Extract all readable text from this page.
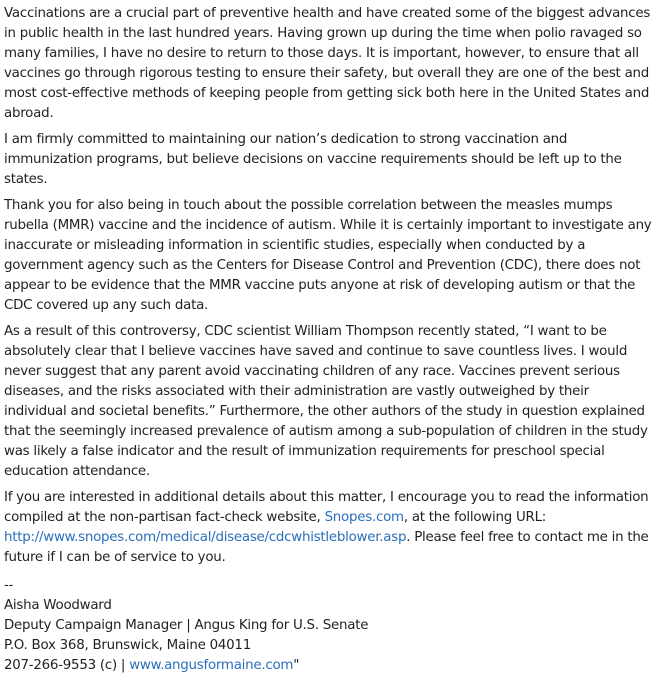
Vaccinations are a crucial part of preventive health and have created some of the biggest advances in public health in the last hundred years. Having grown up during the time when polio ravaged so many families, I have no desire to return to those days. It is important, however, to ensure that all vaccines go through rigorous testing to ensure their safety, but overall they are one of the best and most cost-effective methods of keeping people from getting sick both here in the United States and abroad.

I am firmly committed to maintaining our nation’s dedication to strong vaccination and immunization programs, but believe decisions on vaccine requirements should be left up to the states.

Thank you for also being in touch about the possible correlation between the measles mumps rubella (MMR) vaccine and the incidence of autism. While it is certainly important to investigate any inaccurate or misleading information in scientific studies, especially when conducted by a government agency such as the Centers for Disease Control and Prevention (CDC), there does not appear to be evidence that the MMR vaccine puts anyone at risk of developing autism or that the CDC covered up any such data.

As a result of this controversy, CDC scientist William Thompson recently stated, “I want to be absolutely clear that I believe vaccines have saved and continue to save countless lives. I would never suggest that any parent avoid vaccinating children of any race. Vaccines prevent serious diseases, and the risks associated with their administration are vastly outweighed by their individual and societal benefits.” Furthermore, the other authors of the study in question explained that the seemingly increased prevalence of autism among a sub-population of children in the study was likely a false indicator and the result of immunization requirements for preschool special education attendance.

If you are interested in additional details about this matter, I encourage you to read the information compiled at the non-partisan fact-check website, Snopes.com, at the following URL: http://www.snopes.com/medical/disease/cdcwhistleblower.asp. Please feel free to contact me in the future if I can be of service to you.

--
Aisha Woodward
Deputy Campaign Manager | Angus King for U.S. Senate
P.O. Box 368, Brunswick, Maine 04011
207-266-9553 (c) | www.angusformaine.com"
